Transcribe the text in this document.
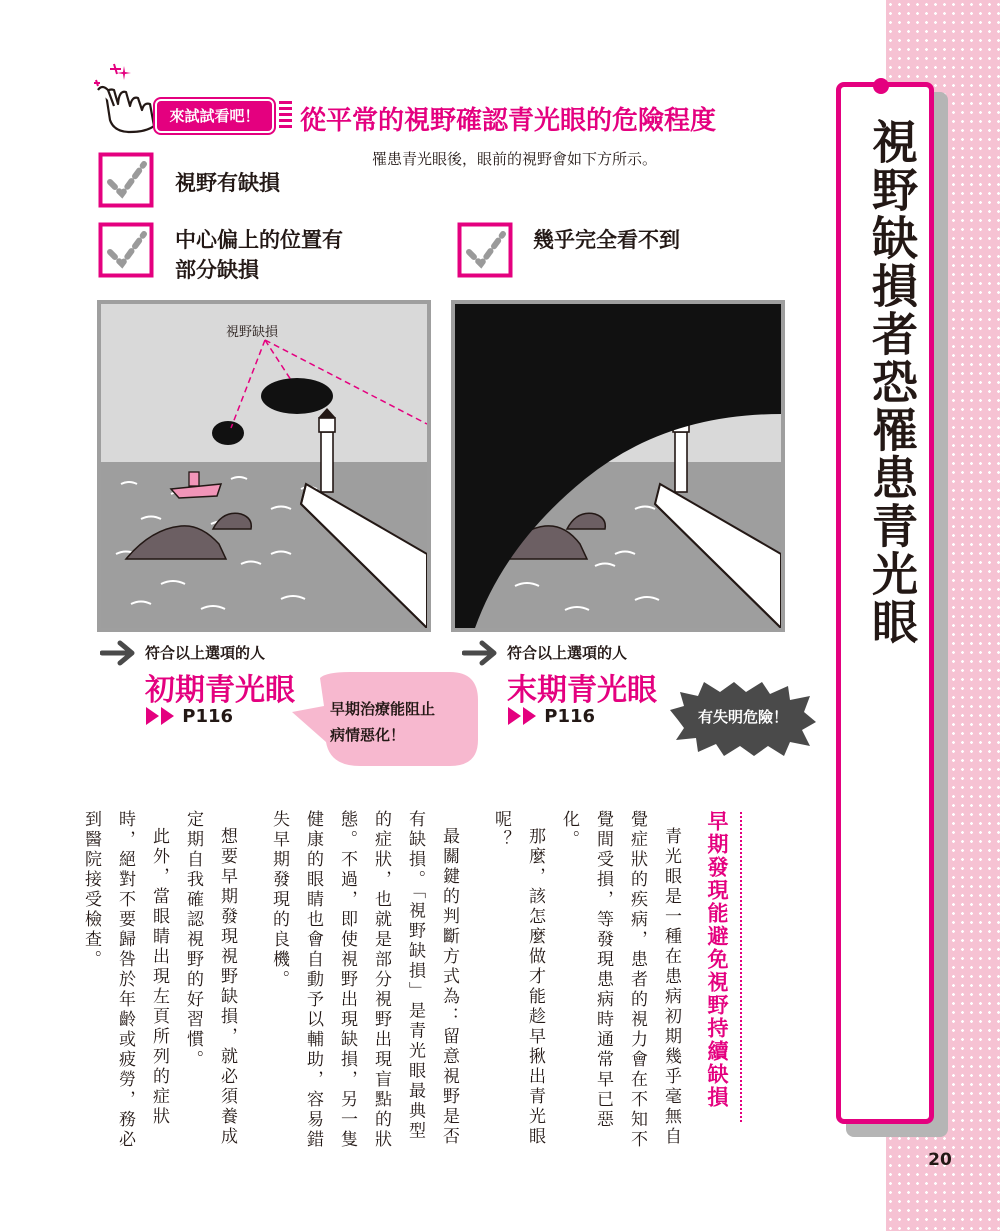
20
視野缺損者恐罹患青光眼
來試試看吧！	從平常的視野確認青光眼的危險程度
罹患青光眼後，眼前的視野會如下方所示。
視野有缺損
中心偏上的位置有
部分缺損
幾乎完全看不到
視野缺損
符合以上選項的人
初期青光眼
P116	早期治療能阻止
病情惡化！
符合以上選項的人
末期青光眼
P116	有失明危險！
早期發現能避免視野持續缺損

青光眼是一種在患病初期幾乎毫無自覺症狀的疾病，患者的視力會在不知不覺間受損，等發現患病時通常早已惡化。

那麼，該怎麼做才能趁早揪出青光眼呢？

最關鍵的判斷方式為：留意視野是否有缺損。「視野缺損」是青光眼最典型的症狀，也就是部分視野出現盲點的狀態。不過，即使視野出現缺損，另一隻健康的眼睛也會自動予以輔助，容易錯失早期發現的良機。

想要早期發現視野缺損，就必須養成定期自我確認視野的好習慣。

此外，當眼睛出現左頁所列的症狀時，絕對不要歸咎於年齡或疲勞，務必到醫院接受檢查。
